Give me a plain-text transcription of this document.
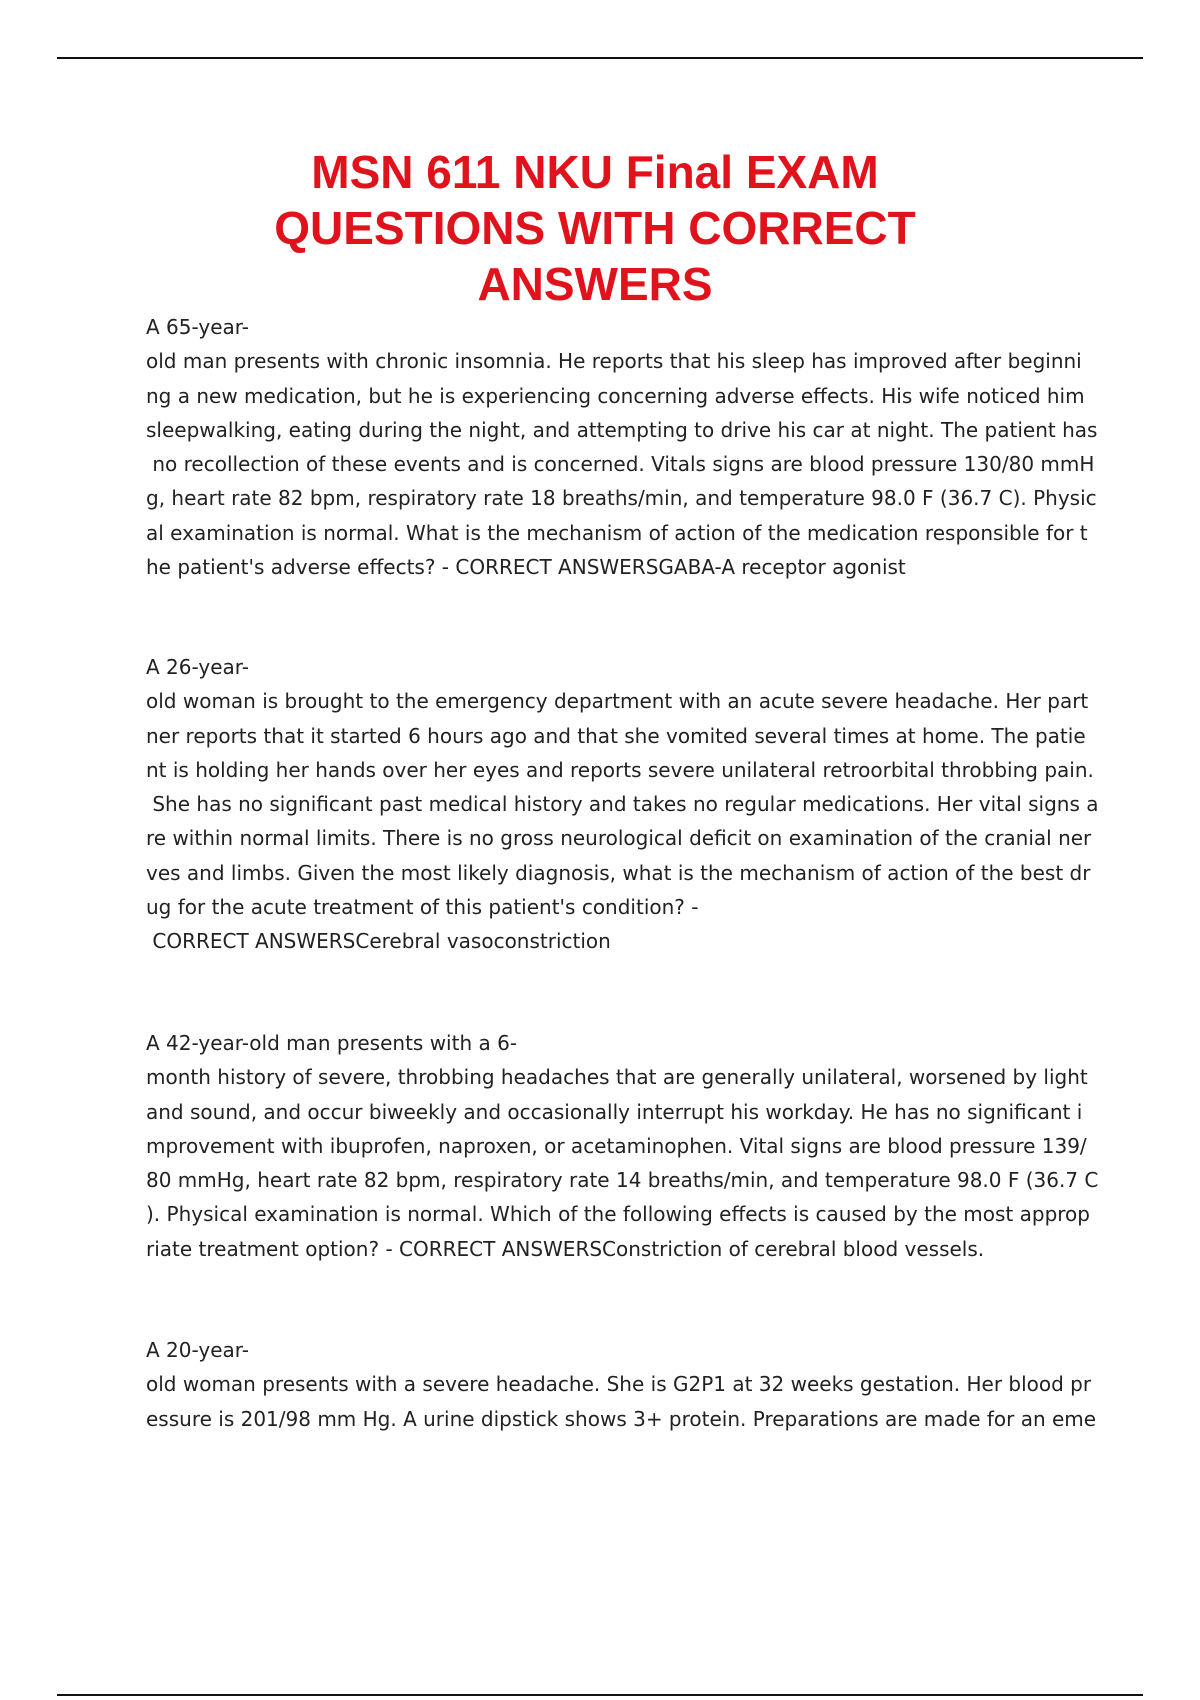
MSN 611 NKU Final EXAM
QUESTIONS WITH CORRECT
ANSWERS
A 65-year-
old man presents with chronic insomnia. He reports that his sleep has improved after beginni
ng a new medication, but he is experiencing concerning adverse effects. His wife noticed him
sleepwalking, eating during the night, and attempting to drive his car at night. The patient has
no recollection of these events and is concerned. Vitals signs are blood pressure 130/80 mmH
g, heart rate 82 bpm, respiratory rate 18 breaths/min, and temperature 98.0 F (36.7 C). Physic
al examination is normal. What is the mechanism of action of the medication responsible for t
he patient's adverse effects? - CORRECT ANSWERSGABA-A receptor agonist
A 26-year-
old woman is brought to the emergency department with an acute severe headache. Her part
ner reports that it started 6 hours ago and that she vomited several times at home. The patie
nt is holding her hands over her eyes and reports severe unilateral retroorbital throbbing pain.
She has no significant past medical history and takes no regular medications. Her vital signs a
re within normal limits. There is no gross neurological deficit on examination of the cranial ner
ves and limbs. Given the most likely diagnosis, what is the mechanism of action of the best dr
ug for the acute treatment of this patient's condition? -
CORRECT ANSWERSCerebral vasoconstriction
A 42-year-old man presents with a 6-
month history of severe, throbbing headaches that are generally unilateral, worsened by light
and sound, and occur biweekly and occasionally interrupt his workday. He has no significant i
mprovement with ibuprofen, naproxen, or acetaminophen. Vital signs are blood pressure 139/
80 mmHg, heart rate 82 bpm, respiratory rate 14 breaths/min, and temperature 98.0 F (36.7 C
). Physical examination is normal. Which of the following effects is caused by the most approp
riate treatment option? - CORRECT ANSWERSConstriction of cerebral blood vessels.
A 20-year-
old woman presents with a severe headache. She is G2P1 at 32 weeks gestation. Her blood pr
essure is 201/98 mm Hg. A urine dipstick shows 3+ protein. Preparations are made for an eme
